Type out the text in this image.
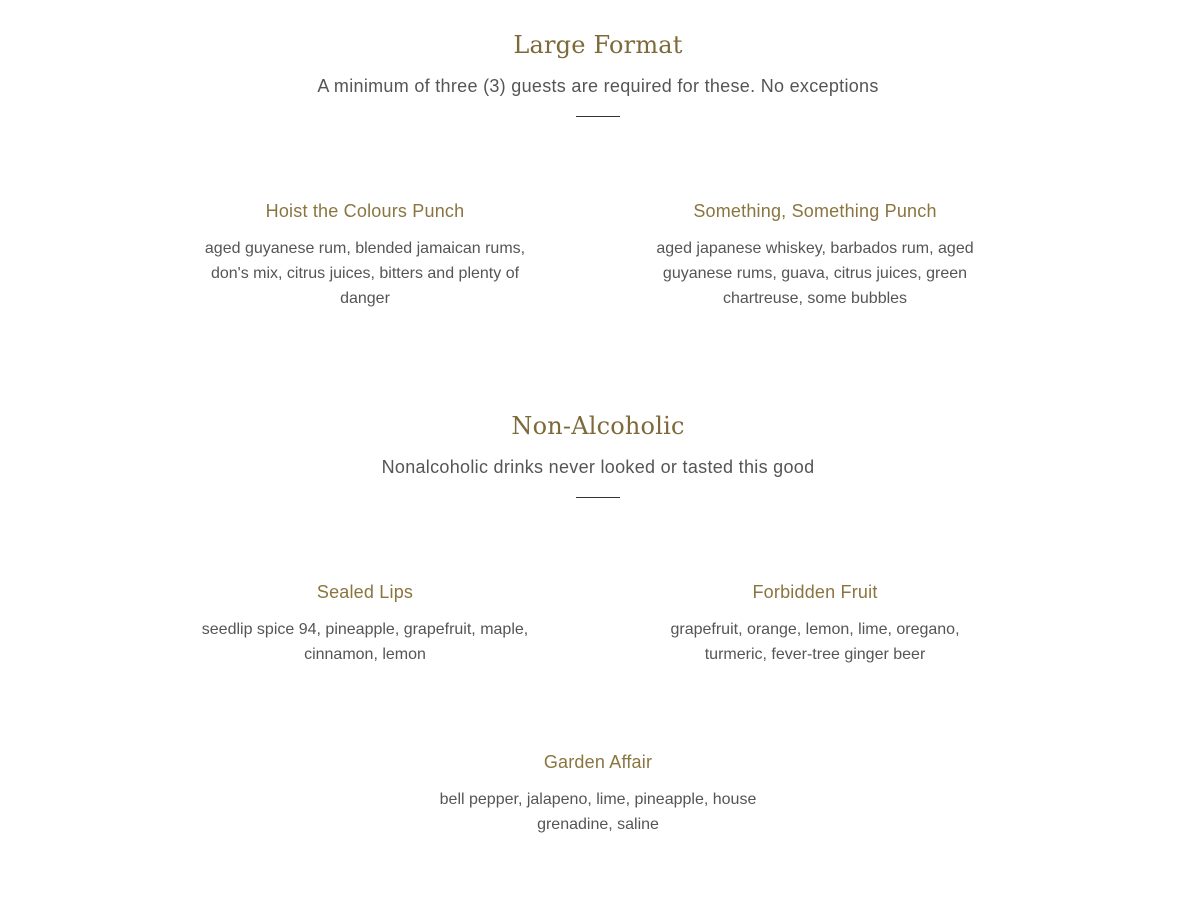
Large Format

A minimum of three (3) guests are required for these. No exceptions

Hoist the Colours Punch

aged guyanese rum, blended jamaican rums, don's mix, citrus juices, bitters and plenty of danger

Something, Something Punch

aged japanese whiskey, barbados rum, aged guyanese rums, guava, citrus juices, green chartreuse, some bubbles

Non-Alcoholic

Nonalcoholic drinks never looked or tasted this good

Sealed Lips

seedlip spice 94, pineapple, grapefruit, maple, cinnamon, lemon

Forbidden Fruit

grapefruit, orange, lemon, lime, oregano, turmeric, fever-tree ginger beer

Garden Affair

bell pepper, jalapeno, lime, pineapple, house grenadine, saline
